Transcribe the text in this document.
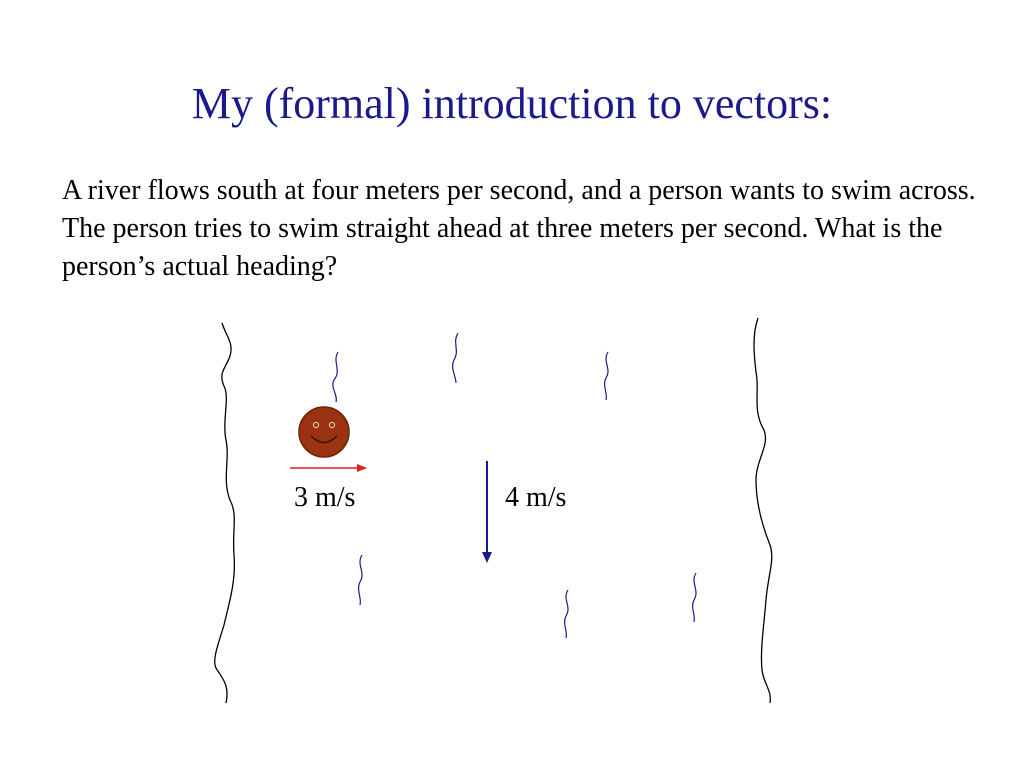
My (formal) introduction to vectors:

A river flows south at four meters per second, and a person wants to swim across. The person tries to swim straight ahead at three meters per second. What is the person’s actual heading?

3 m/s	4 m/s
